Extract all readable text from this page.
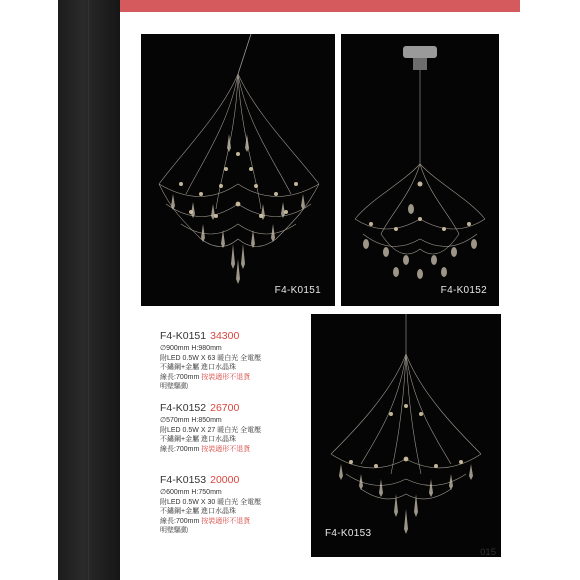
F4-K0151	F4-K0152
F4-K0153
F4-K0151 34300
∅900mm H:980mm
附LED 0.5W X 63 暖白光 全電壓
不鏽鋼+金屬 進口水晶珠
線長:700mm 按裝適形不退貨
明壁驅動
F4-K0152 26700
∅570mm H:850mm
附LED 0.5W X 27 暖白光 全電壓
不鏽鋼+金屬 進口水晶珠
線長:700mm 按裝適形不退貨
F4-K0153 20000
∅600mm H:750mm
附LED 0.5W X 30 暖白光 全電壓
不鏽鋼+金屬 進口水晶珠
線長:700mm 按裝適形不退貨
明壁驅動
015
